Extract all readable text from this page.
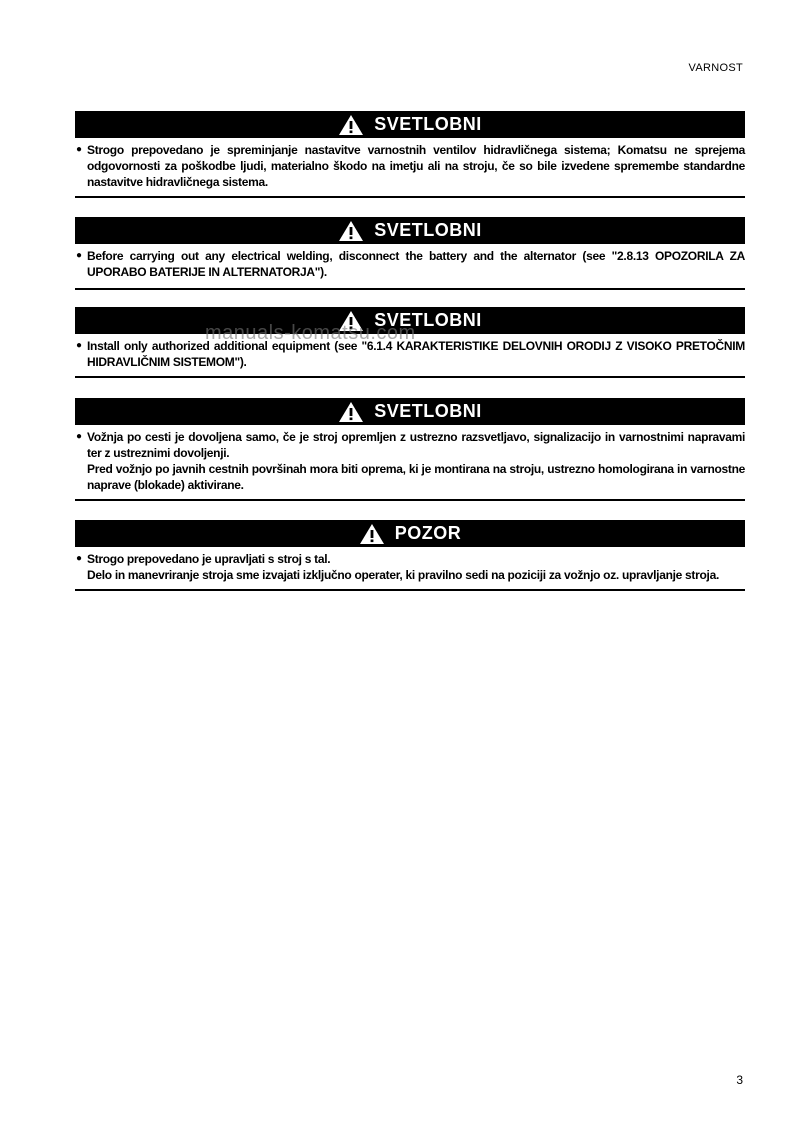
VARNOST
SVETLOBNI
● Strogo prepovedano je spreminjanje nastavitve varnostnih ventilov hidravličnega sistema; Komatsu ne sprejema odgovornosti za poškodbe ljudi, materialno škodo na imetju ali na stroju, če so bile izvedene spremembe standardne nastavitve hidravličnega sistema.

SVETLOBNI
● Before carrying out any electrical welding, disconnect the battery and the alternator (see "2.8.13 OPOZORILA ZA UPORABO BATERIJE IN ALTERNATORJA").

SVETLOBNI
● Install only authorized additional equipment (see "6.1.4 KARAKTERISTIKE DELOVNIH ORODIJ Z VISOKO PRETOČNIM HIDRAVLIČNIM SISTEMOM").

manuals-komatsu.com
SVETLOBNI
● Vožnja po cesti je dovoljena samo, če je stroj opremljen z ustrezno razsvetljavo, signalizacijo in varnostnimi napravami ter z ustreznimi dovoljenji.

Pred vožnjo po javnih cestnih površinah mora biti oprema, ki je montirana na stroju, ustrezno homologirana in varnostne naprave (blokade) aktivirane.

POZOR
● Strogo prepovedano je upravljati s stroj s tal.

Delo in manevriranje stroja sme izvajati izključno operater, ki pravilno sedi na poziciji za vožnjo oz. upravljanje stroja.

3
